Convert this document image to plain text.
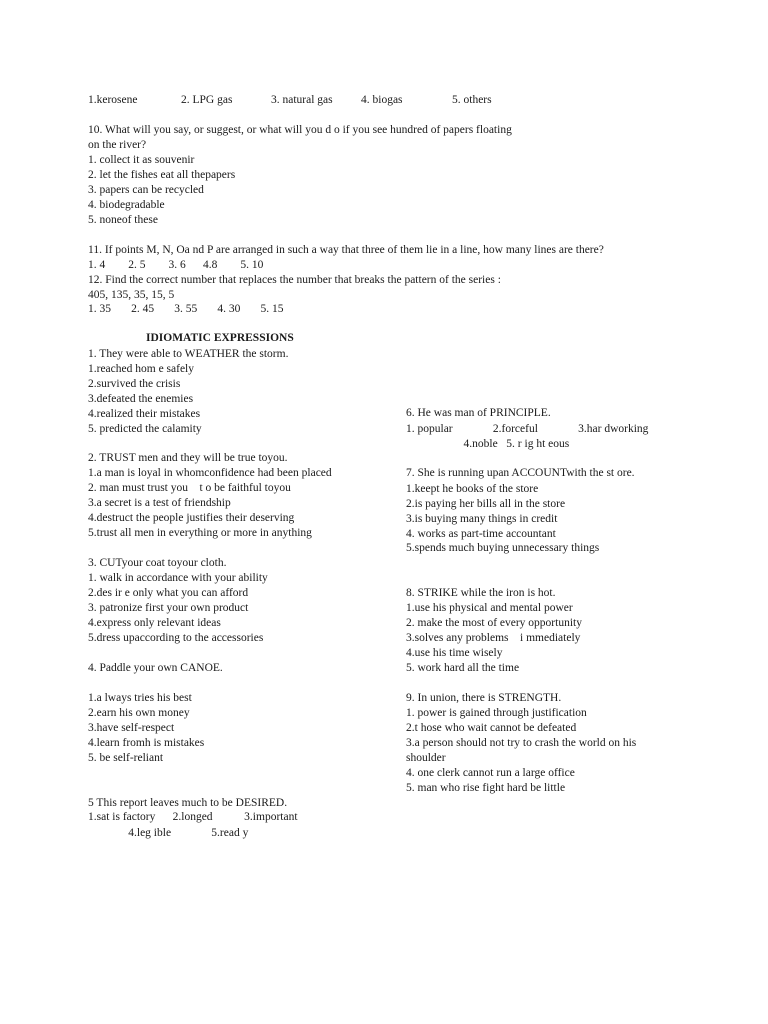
1.kerosene	2. LPG gas	3. natural gas 4. biogas	5. others
10. What will you say, or suggest, or what will you d o if you see hundred of papers floating
on the river?
1. collect it as souvenir
2. let the fishes eat all thepapers
3. papers can be recycled
4. biodegradable
5. noneof these
11. If points M, N, Oa nd P are arranged in such a way that three of them lie in a line, how many lines are there?
1. 4        2. 5        3. 6      4.8        5. 10
12. Find the correct number that replaces the number that breaks the pattern of the series :
405, 135, 35, 15, 5
1. 35       2. 45       3. 55       4. 30       5. 15
IDIOMATIC EXPRESSIONS
1. They were able to WEATHER the storm.
1.reached hom e safely
2.survived the crisis
3.defeated the enemies
4.realized their mistakes
5. predicted the calamity
2. TRUST men and they will be true toyou.
1.a man is loyal in whomconfidence had been placed
2. man must trust you    t o be faithful toyou
3.a secret is a test of friendship
4.destruct the people justifies their deserving
5.trust all men in everything or more in anything
3. CUTyour coat toyour cloth.
1. walk in accordance with your ability
2.des ir e only what you can afford
3. patronize first your own product
4.express only relevant ideas
5.dress upaccording to the accessories
4. Paddle your own CANOE.
1.a lways tries his best
2.earn his own money
3.have self-respect
4.learn fromh is mistakes
5. be self-reliant
5 This report leaves much to be DESIRED.
1.sat is factory      2.longed           3.important
4.leg ible              5.read y
6. He was man of PRINCIPLE.
1. popular              2.forceful              3.har dworking
4.noble   5. r ig ht eous
7. She is running upan ACCOUNTwith the st ore.
1.keept he books of the store
2.is paying her bills all in the store
3.is buying many things in credit
4. works as part-time accountant
5.spends much buying unnecessary things
8. STRIKE while the iron is hot.
1.use his physical and mental power
2. make the most of every opportunity
3.solves any problems    i mmediately
4.use his time wisely
5. work hard all the time
9. In union, there is STRENGTH.
1. power is gained through justification
2.t hose who wait cannot be defeated
3.a person should not try to crash the world on his
shoulder
4. one clerk cannot run a large office
5. man who rise fight hard be little
